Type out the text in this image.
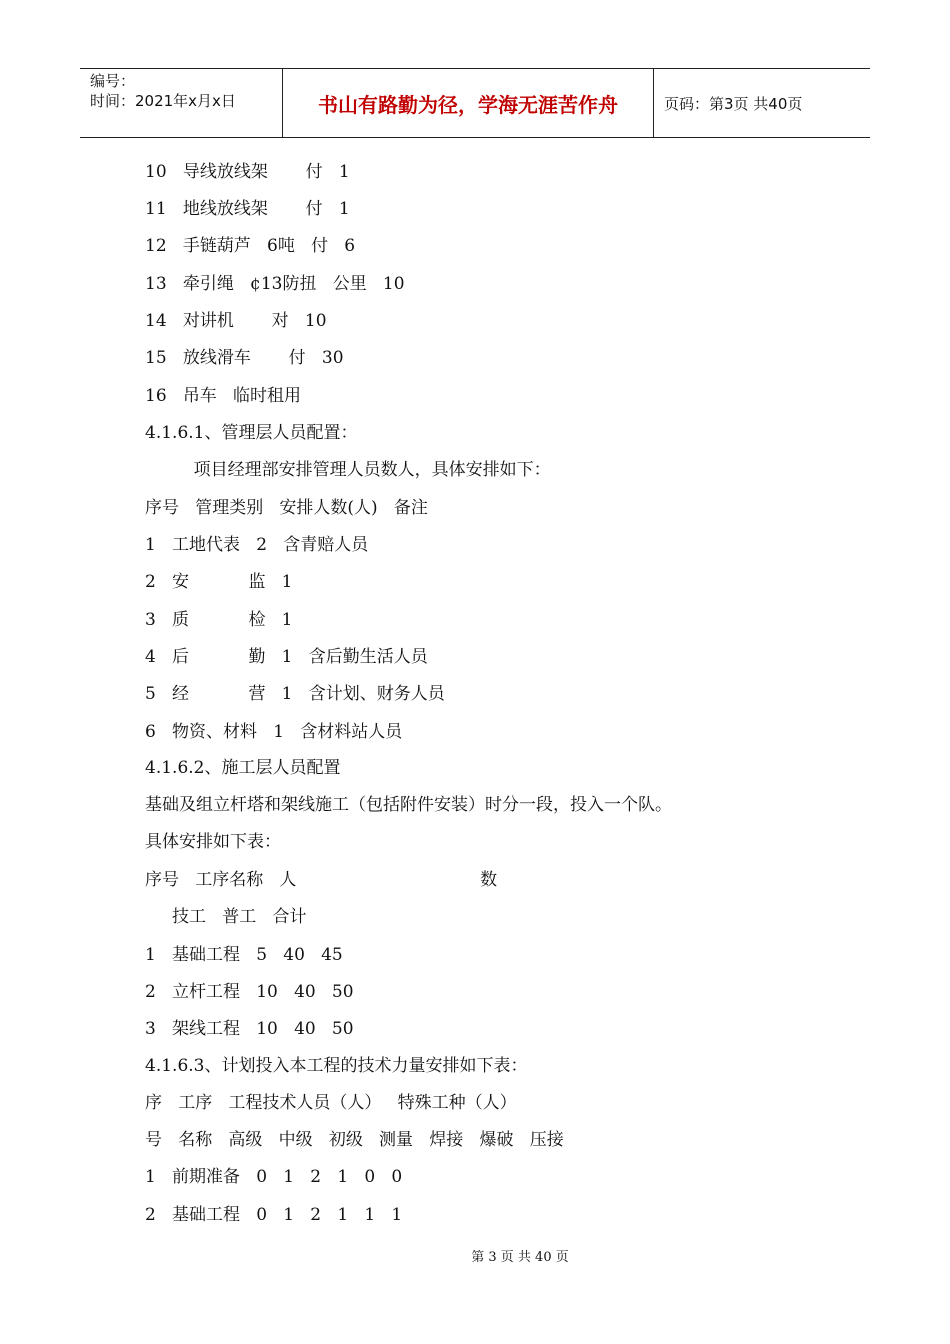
编号：
时间：2021年x月x日	书山有路勤为径，学海无涯苦作舟	页码：第3页 共40页
10   导线放线架       付   1
11   地线放线架       付   1
12   手链葫芦   6吨   付   6
13   牵引绳   ¢13防扭   公里   10
14   对讲机       对   10
15   放线滑车       付   30
16   吊车   临时租用
4.1.6.1、管理层人员配置：
项目经理部安排管理人员数人，具体安排如下：
序号   管理类别   安排人数(人)   备注
1   工地代表   2   含青赔人员
2   安           监   1
3   质           检   1
4   后           勤   1   含后勤生活人员
5   经           营   1   含计划、财务人员
6   物资、材料   1   含材料站人员
4.1.6.2、施工层人员配置
基础及组立杆塔和架线施工（包括附件安装）时分一段，投入一个队。
具体安排如下表：
序号   工序名称   人                                  数
技工   普工   合计
1   基础工程   5   40   45
2   立杆工程   10   40   50
3   架线工程   10   40   50
4.1.6.3、计划投入本工程的技术力量安排如下表：
序   工序   工程技术人员（人）   特殊工种（人）
号   名称   高级   中级   初级   测量   焊接   爆破   压接
1   前期准备   0   1   2   1   0   0
2   基础工程   0   1   2   1   1   1
第 3 页 共 40 页
